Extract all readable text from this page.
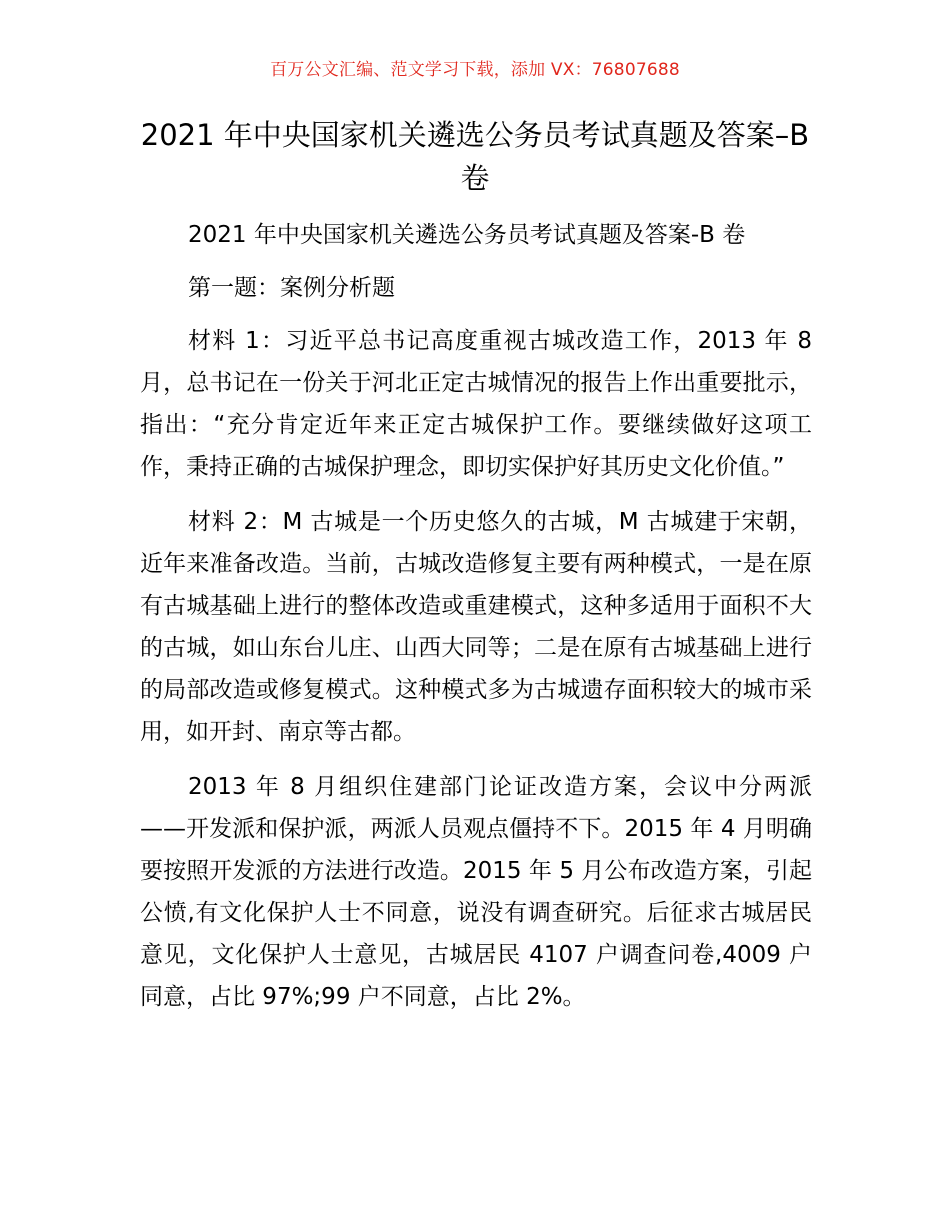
百万公文汇编、范文学习下载，添加 VX：76807688
2021 年中央国家机关遴选公务员考试真题及答案–B 卷

2021 年中央国家机关遴选公务员考试真题及答案-B 卷

第一题：案例分析题

材料 1：习近平总书记高度重视古城改造工作，2013 年 8 月，总书记在一份关于河北正定古城情况的报告上作出重要批示，指出：“充分肯定近年来正定古城保护工作。要继续做好这项工作，秉持正确的古城保护理念，即切实保护好其历史文化价值。”

材料 2：M 古城是一个历史悠久的古城，M 古城建于宋朝，近年来准备改造。当前，古城改造修复主要有两种模式，一是在原有古城基础上进行的整体改造或重建模式，这种多适用于面积不大的古城，如山东台儿庄、山西大同等；二是在原有古城基础上进行的局部改造或修复模式。这种模式多为古城遗存面积较大的城市采用，如开封、南京等古都。

2013 年 8 月组织住建部门论证改造方案，会议中分两派——开发派和保护派，两派人员观点僵持不下。2015 年 4 月明确要按照开发派的方法进行改造。2015 年 5 月公布改造方案，引起公愤,有文化保护人士不同意，说没有调查研究。后征求古城居民意见，文化保护人士意见，古城居民 4107 户调查问卷,4009 户同意，占比 97%;99 户不同意，占比 2%。
